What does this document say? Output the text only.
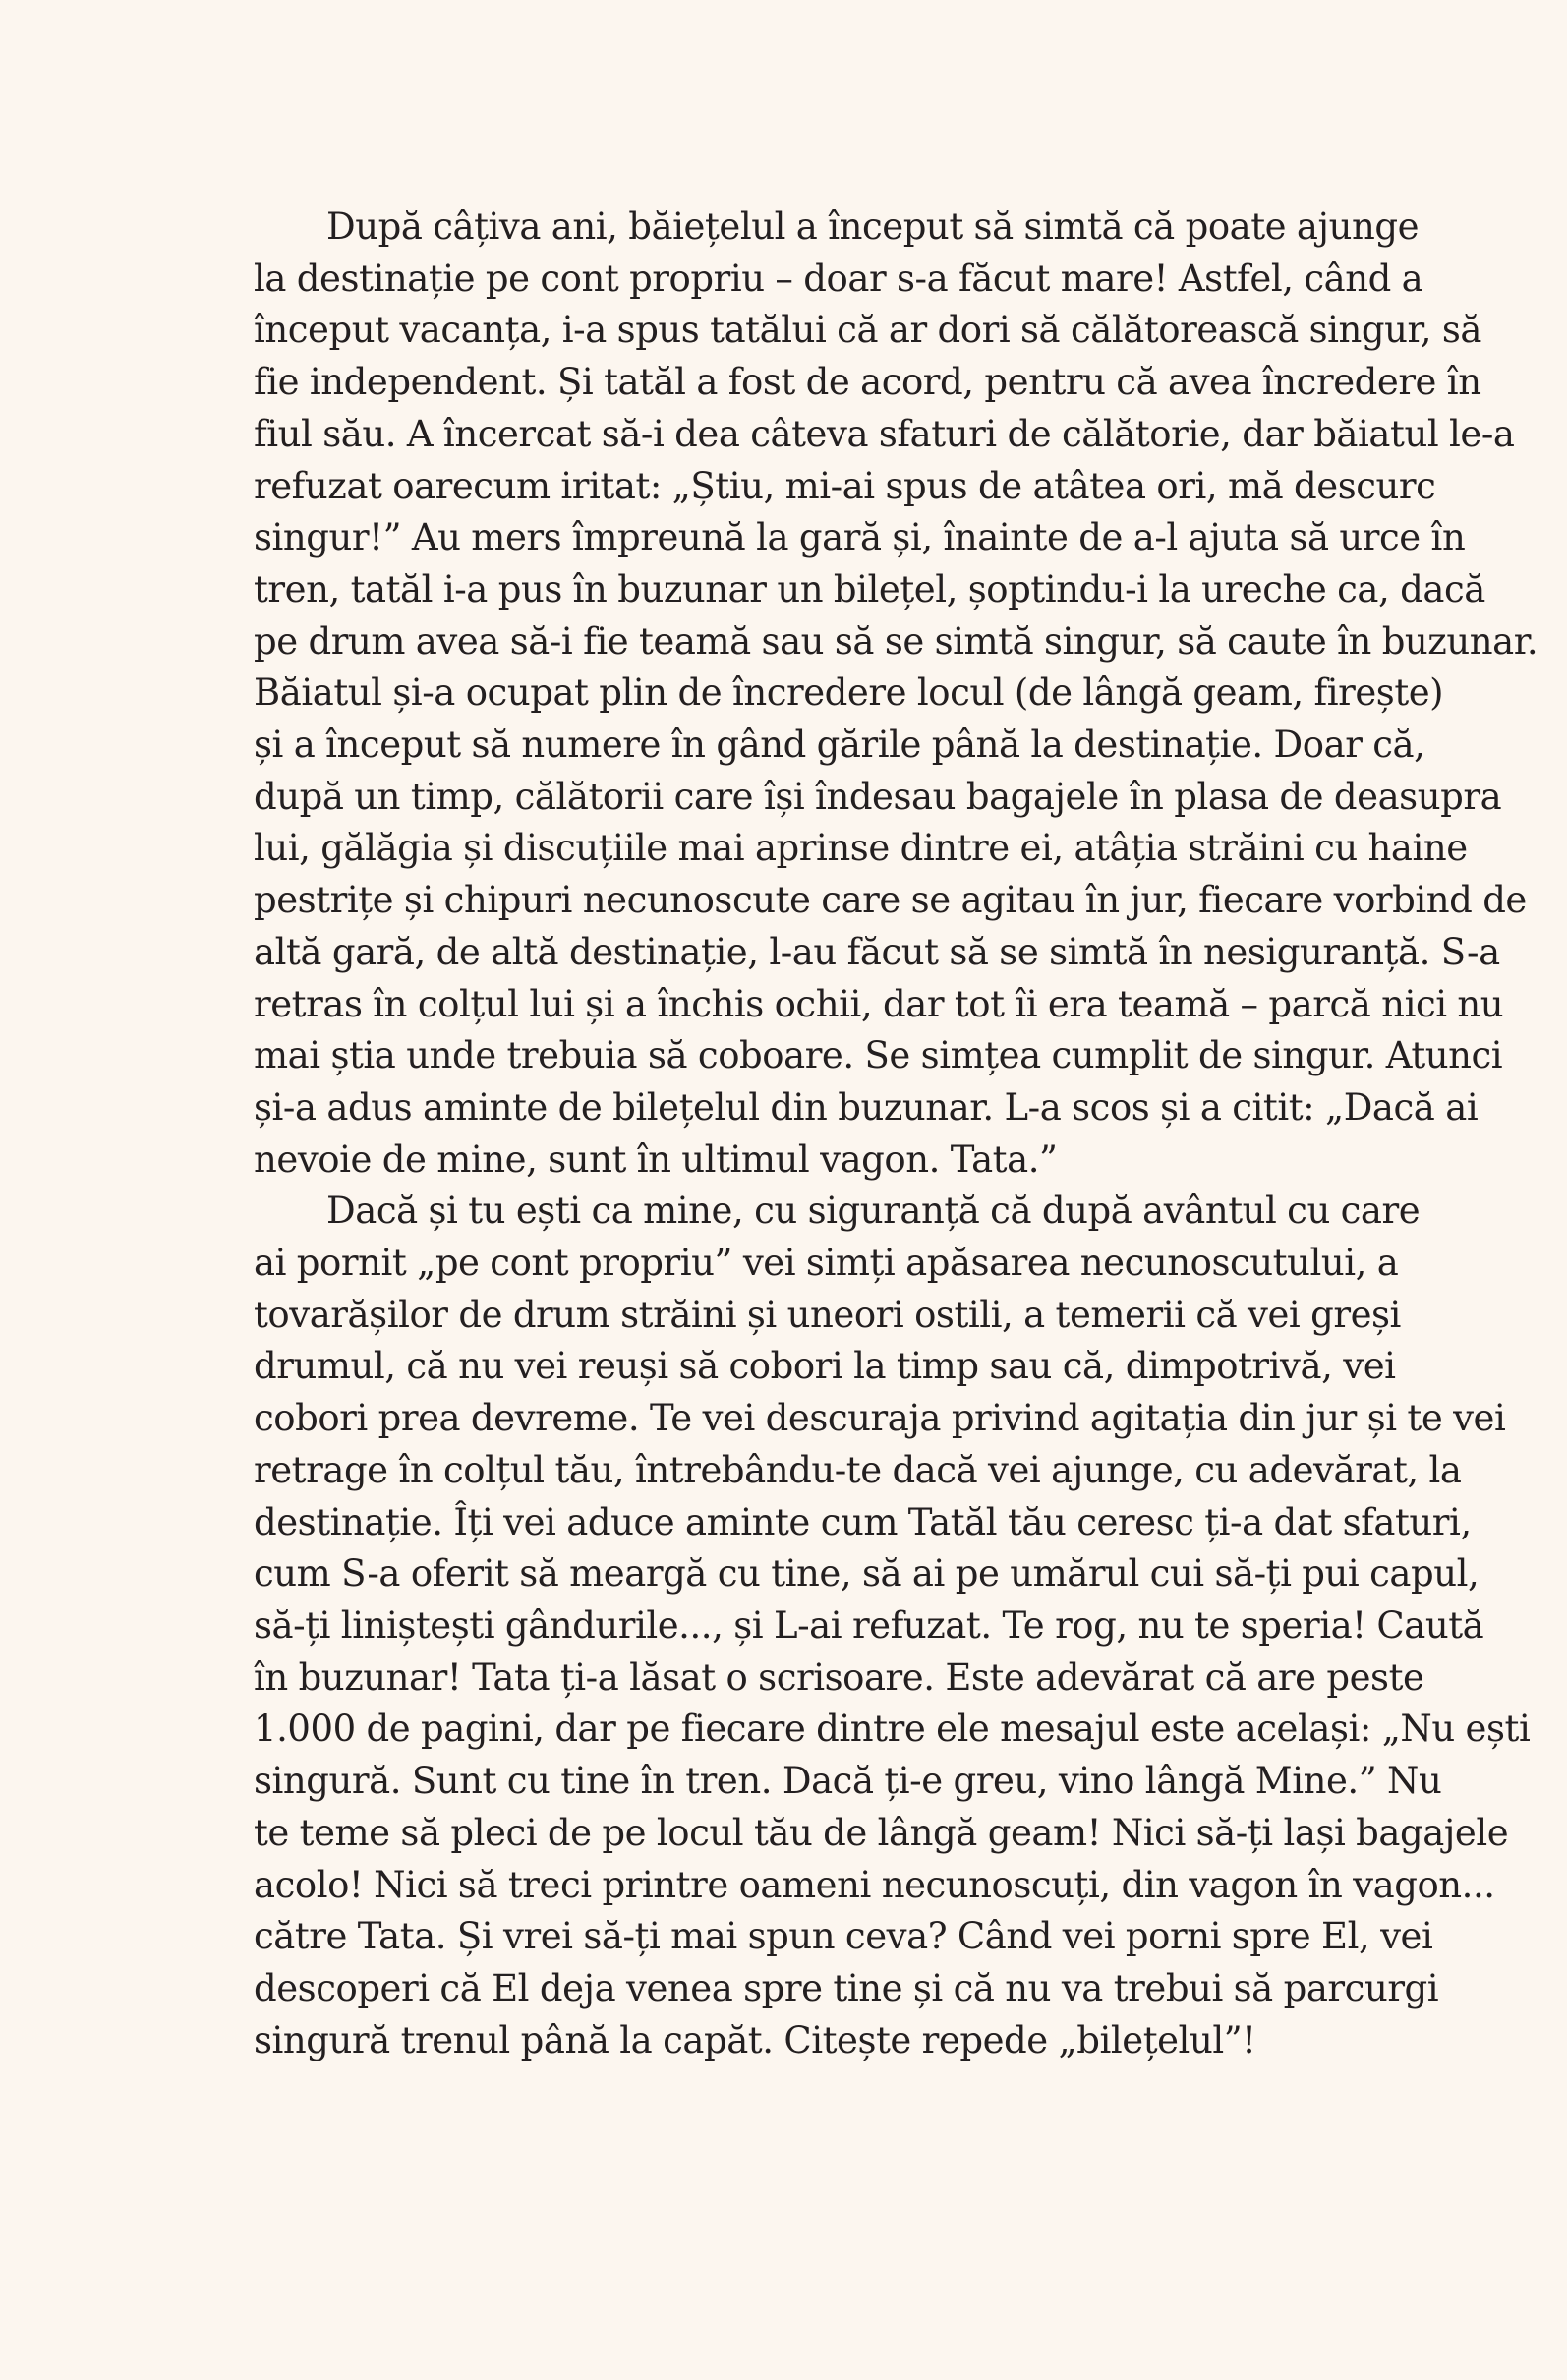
După câțiva ani, băiețelul a început să simtă că poate ajunge
la destinație pe cont propriu – doar s-a făcut mare! Astfel, când a
început vacanța, i-a spus tatălui că ar dori să călătorească singur, să
fie independent. Și tatăl a fost de acord, pentru că avea încredere în
fiul său. A încercat să-i dea câteva sfaturi de călătorie, dar băiatul le-a
refuzat oarecum iritat: „Știu, mi-ai spus de atâtea ori, mă descurc
singur!” Au mers împreună la gară și, înainte de a-l ajuta să urce în
tren, tatăl i-a pus în buzunar un bilețel, șoptindu-i la ureche ca, dacă
pe drum avea să-i fie teamă sau să se simtă singur, să caute în buzunar.
Băiatul și-a ocupat plin de încredere locul (de lângă geam, firește)
și a început să numere în gând gările până la destinație. Doar că,
după un timp, călătorii care își îndesau bagajele în plasa de deasupra
lui, gălăgia și discuțiile mai aprinse dintre ei, atâția străini cu haine
pestrițe și chipuri necunoscute care se agitau în jur, fiecare vorbind de
altă gară, de altă destinație, l-au făcut să se simtă în nesiguranță. S-a
retras în colțul lui și a închis ochii, dar tot îi era teamă – parcă nici nu
mai știa unde trebuia să coboare. Se simțea cumplit de singur. Atunci
și-a adus aminte de bilețelul din buzunar. L-a scos și a citit: „Dacă ai
nevoie de mine, sunt în ultimul vagon. Tata.”
Dacă și tu ești ca mine, cu siguranță că după avântul cu care
ai pornit „pe cont propriu” vei simți apăsarea necunoscutului, a
tovarășilor de drum străini și uneori ostili, a temerii că vei greși
drumul, că nu vei reuși să cobori la timp sau că, dimpotrivă, vei
cobori prea devreme. Te vei descuraja privind agitația din jur și te vei
retrage în colțul tău, întrebându-te dacă vei ajunge, cu adevărat, la
destinație. Îți vei aduce aminte cum Tatăl tău ceresc ți-a dat sfaturi,
cum S-a oferit să meargă cu tine, să ai pe umărul cui să-ți pui capul,
să-ți liniștești gândurile..., și L-ai refuzat. Te rog, nu te speria! Caută
în buzunar! Tata ți-a lăsat o scrisoare. Este adevărat că are peste
1.000 de pagini, dar pe fiecare dintre ele mesajul este același: „Nu ești
singură. Sunt cu tine în tren. Dacă ți-e greu, vino lângă Mine.” Nu
te teme să pleci de pe locul tău de lângă geam! Nici să-ți lași bagajele
acolo! Nici să treci printre oameni necunoscuți, din vagon în vagon...
către Tata. Și vrei să-ți mai spun ceva? Când vei porni spre El, vei
descoperi că El deja venea spre tine și că nu va trebui să parcurgi
singură trenul până la capăt. Citește repede „bilețelul”!
